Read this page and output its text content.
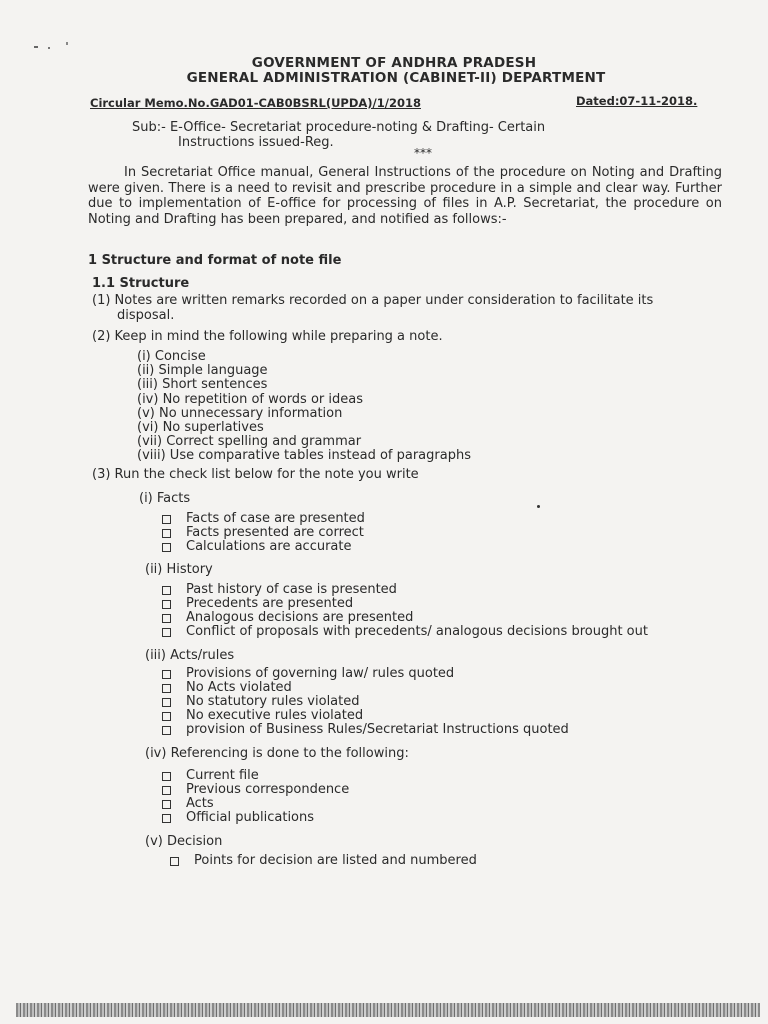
GOVERNMENT OF ANDHRA PRADESH
GENERAL ADMINISTRATION (CABINET-II) DEPARTMENT
Circular Memo.No.GAD01-CAB0BSRL(UPDA)/1/2018	Dated:07-11-2018.
Sub:- E-Office- Secretariat procedure-noting & Drafting- Certain
Instructions issued-Reg.
***
In Secretariat Office manual, General Instructions of the procedure on Noting and Drafting were given. There is a need to revisit and prescribe procedure in a simple and clear way. Further due to implementation of E-office for processing of files in A.P. Secretariat, the procedure on Noting and Drafting has been prepared, and notified as follows:-
1 Structure and format of note file
1.1 Structure
(1) Notes are written remarks recorded on a paper under consideration to facilitate its
disposal.
(2) Keep in mind the following while preparing a note.
(i) Concise
(ii) Simple language
(iii) Short sentences
(iv) No repetition of words or ideas
(v) No unnecessary information
(vi) No superlatives
(vii) Correct spelling and grammar
(viii) Use comparative tables instead of paragraphs
(3) Run the check list below for the note you write
(i) Facts
Facts of case are presented
Facts presented are correct
Calculations are accurate
(ii) History
Past history of case is presented
Precedents are presented
Analogous decisions are presented
Conflict of proposals with precedents/ analogous decisions brought out
(iii) Acts/rules
Provisions of governing law/ rules quoted
No Acts violated
No statutory rules violated
No executive rules violated
provision of Business Rules/Secretariat Instructions quoted
(iv) Referencing is done to the following:
Current file
Previous correspondence
Acts
Official publications
(v) Decision
Points for decision are listed and numbered
